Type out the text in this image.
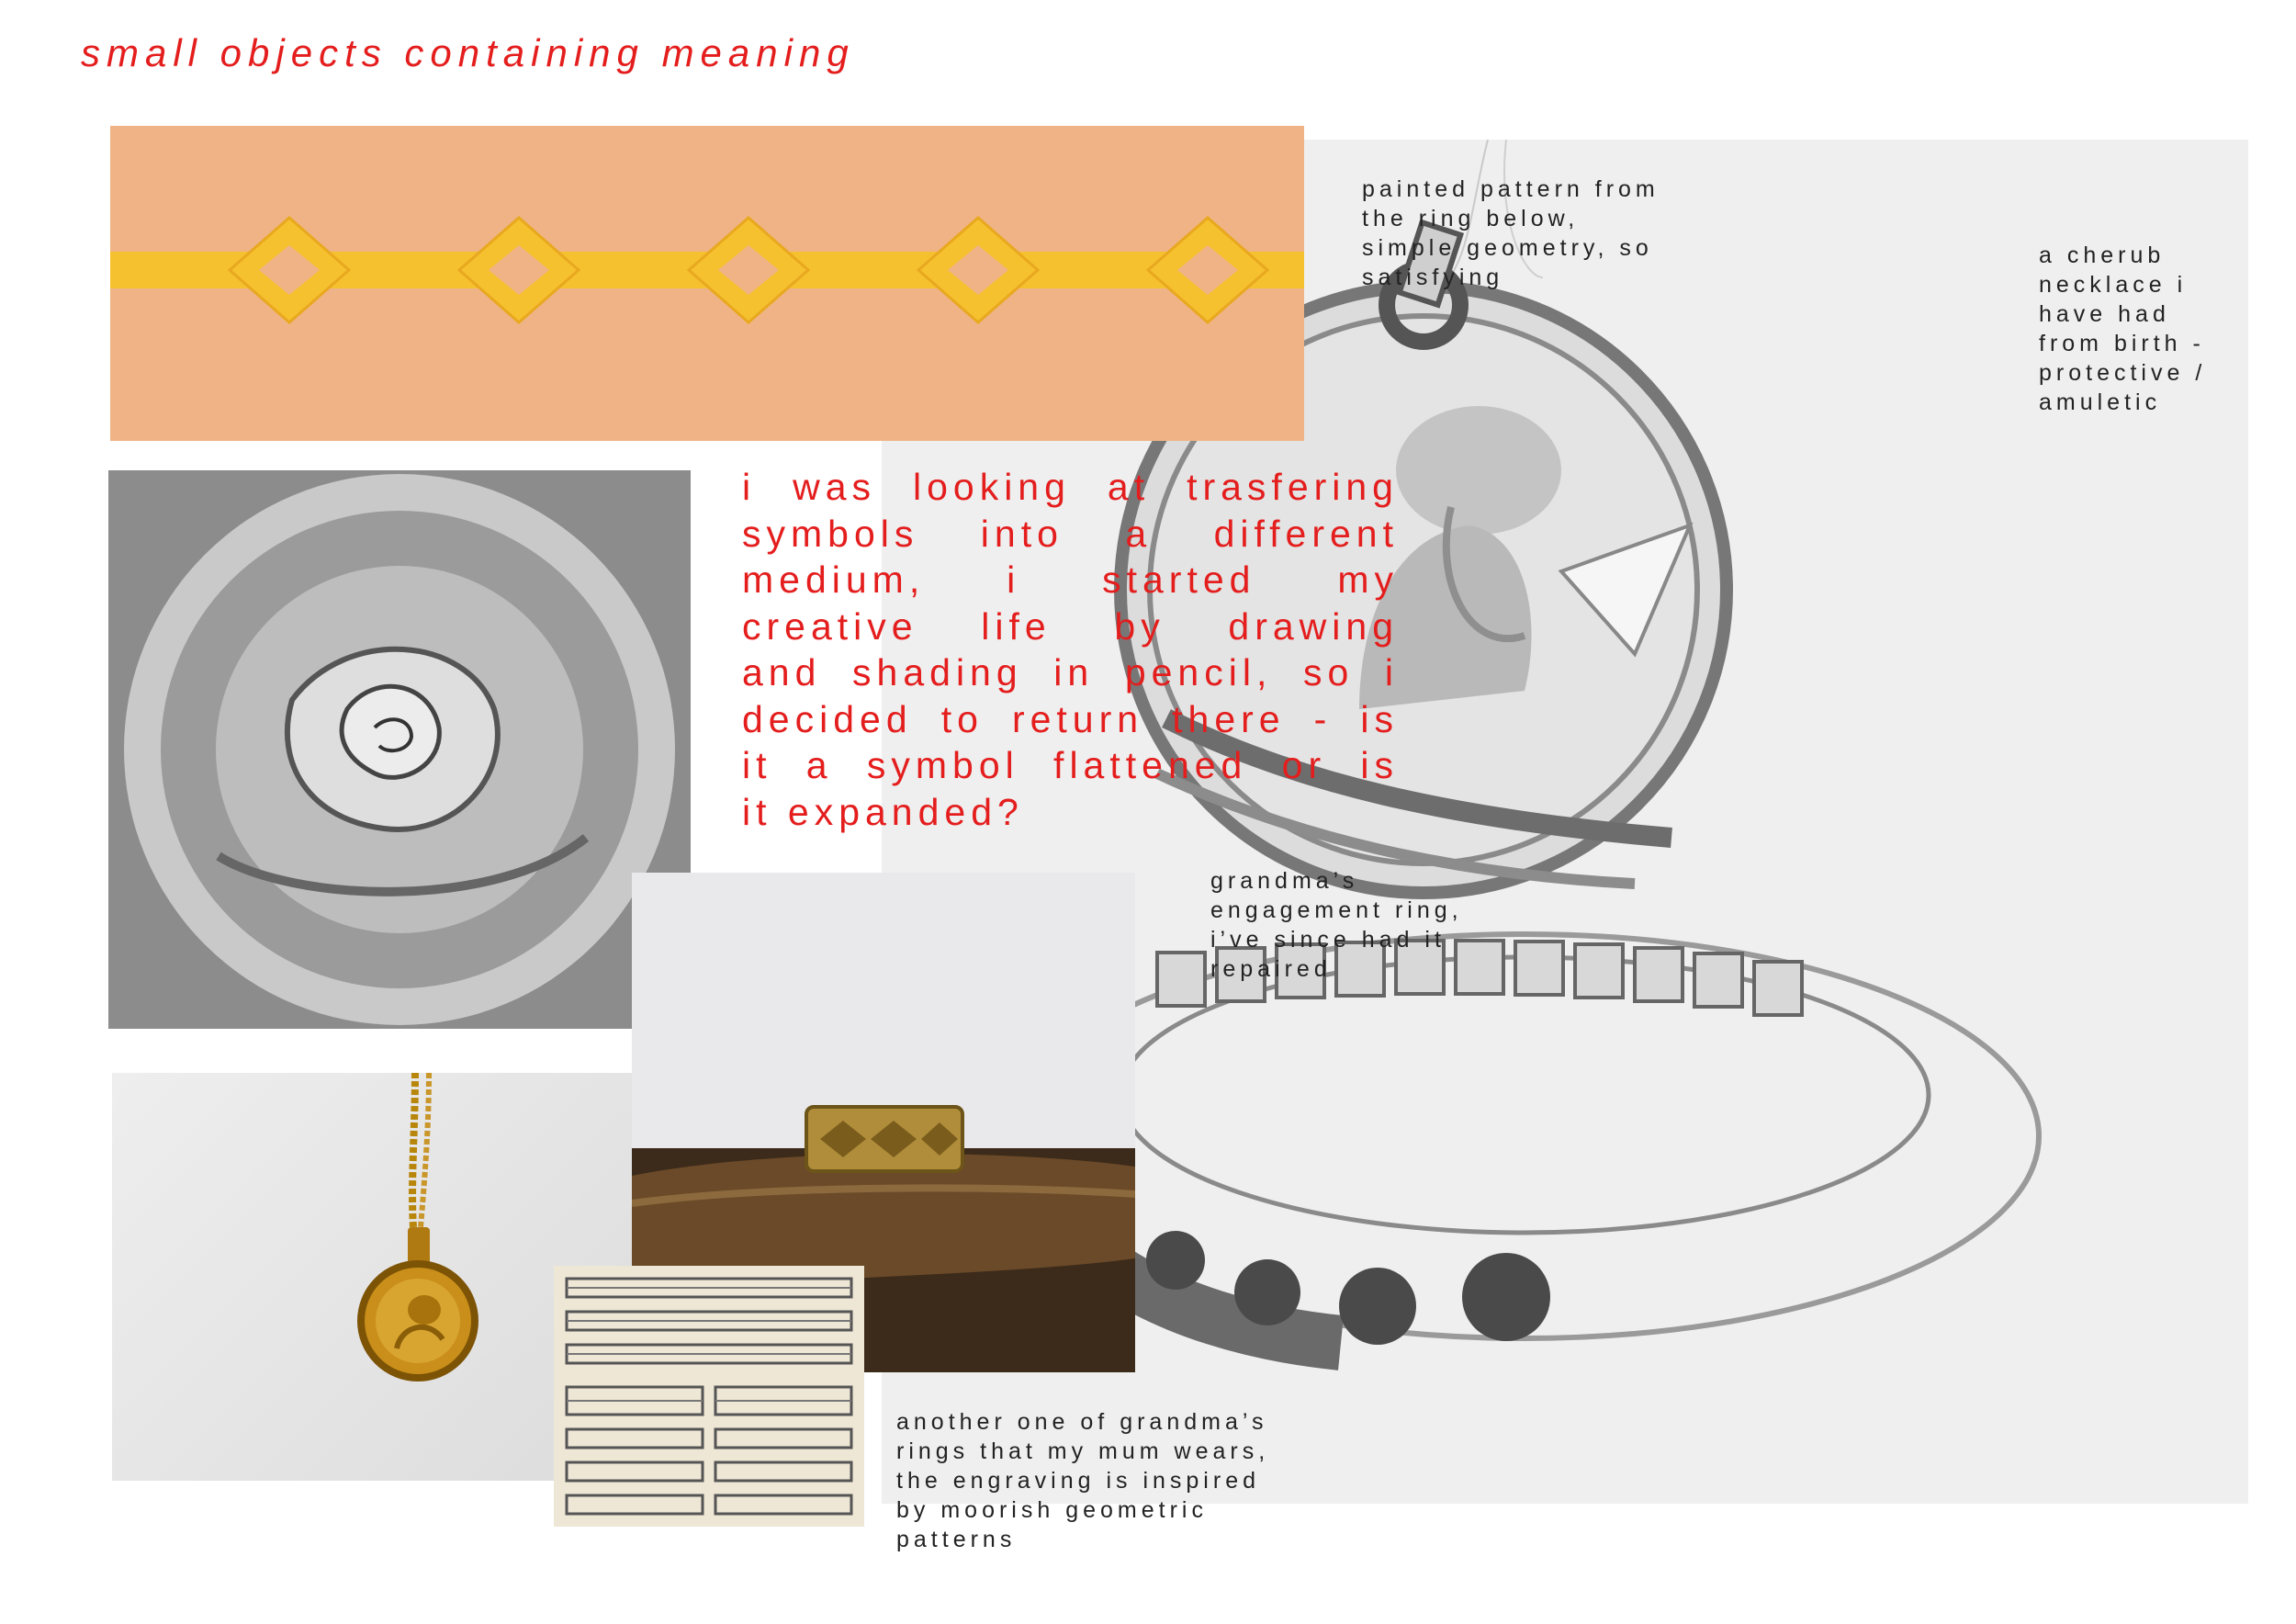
small objects containing meaning
i was looking at trasfering
symbols into a different
medium, i started my
creative life by drawing
and shading in pencil, so i
decided to return there - is
it a symbol flattened or is
it expanded?
painted pattern from
the ring below,
simple geometry, so
satisfying
a cherub
necklace i
have had
from birth -
protective /
amuletic
grandma’s
engagement ring,
i’ve since had it
repaired
another one of grandma’s
rings that my mum wears,
the engraving is inspired
by moorish geometric
patterns
